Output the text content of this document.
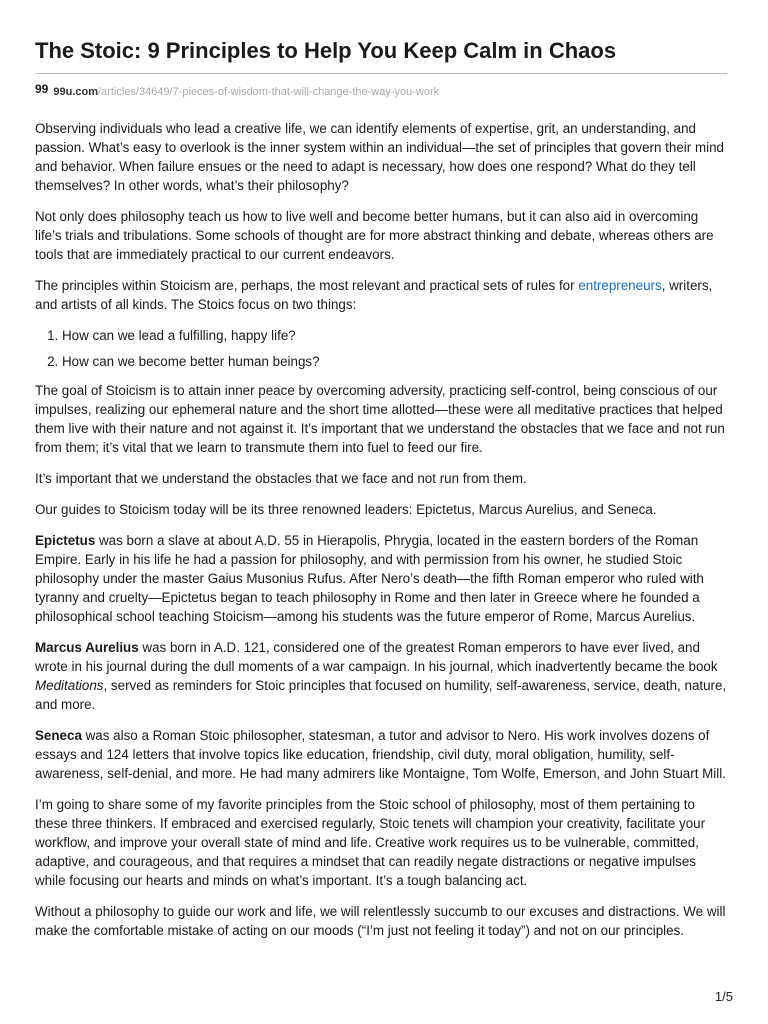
The Stoic: 9 Principles to Help You Keep Calm in Chaos
99 99u.com/articles/34649/7-pieces-of-wisdom-that-will-change-the-way-you-work

Observing individuals who lead a creative life, we can identify elements of expertise, grit, an understanding, and passion. What’s easy to overlook is the inner system within an individual—the set of principles that govern their mind and behavior. When failure ensues or the need to adapt is necessary, how does one respond? What do they tell themselves? In other words, what’s their philosophy?

Not only does philosophy teach us how to live well and become better humans, but it can also aid in overcoming life’s trials and tribulations. Some schools of thought are for more abstract thinking and debate, whereas others are tools that are immediately practical to our current endeavors.

The principles within Stoicism are, perhaps, the most relevant and practical sets of rules for entrepreneurs, writers, and artists of all kinds. The Stoics focus on two things:

1. How can we lead a fulfilling, happy life?
2. How can we become better human beings?

The goal of Stoicism is to attain inner peace by overcoming adversity, practicing self-control, being conscious of our impulses, realizing our ephemeral nature and the short time allotted—these were all meditative practices that helped them live with their nature and not against it. It’s important that we understand the obstacles that we face and not run from them; it’s vital that we learn to transmute them into fuel to feed our fire.

It’s important that we understand the obstacles that we face and not run from them.

Our guides to Stoicism today will be its three renowned leaders: Epictetus, Marcus Aurelius, and Seneca.

Epictetus was born a slave at about A.D. 55 in Hierapolis, Phrygia, located in the eastern borders of the Roman Empire. Early in his life he had a passion for philosophy, and with permission from his owner, he studied Stoic philosophy under the master Gaius Musonius Rufus. After Nero’s death—the fifth Roman emperor who ruled with tyranny and cruelty—Epictetus began to teach philosophy in Rome and then later in Greece where he founded a philosophical school teaching Stoicism—among his students was the future emperor of Rome, Marcus Aurelius.

Marcus Aurelius was born in A.D. 121, considered one of the greatest Roman emperors to have ever lived, and wrote in his journal during the dull moments of a war campaign. In his journal, which inadvertently became the book Meditations, served as reminders for Stoic principles that focused on humility, self-awareness, service, death, nature, and more.

Seneca was also a Roman Stoic philosopher, statesman, a tutor and advisor to Nero. His work involves dozens of essays and 124 letters that involve topics like education, friendship, civil duty, moral obligation, humility, self-awareness, self-denial, and more. He had many admirers like Montaigne, Tom Wolfe, Emerson, and John Stuart Mill.

I’m going to share some of my favorite principles from the Stoic school of philosophy, most of them pertaining to these three thinkers. If embraced and exercised regularly, Stoic tenets will champion your creativity, facilitate your workflow, and improve your overall state of mind and life. Creative work requires us to be vulnerable, committed, adaptive, and courageous, and that requires a mindset that can readily negate distractions or negative impulses while focusing our hearts and minds on what’s important. It’s a tough balancing act.

Without a philosophy to guide our work and life, we will relentlessly succumb to our excuses and distractions. We will make the comfortable mistake of acting on our moods (“I’m just not feeling it today”) and not on our principles.

1/5
